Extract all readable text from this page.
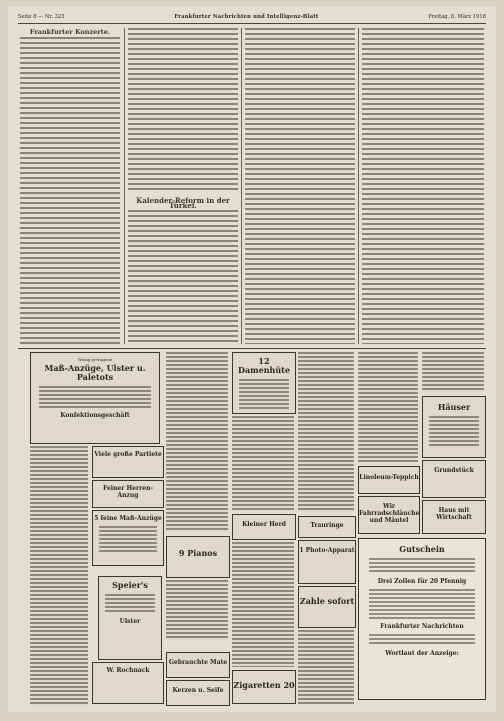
Seite 8 — Nr. 325	Frankfurter Nachrichten und Intelligenz-Blatt	Freitag, 8. März 1918
Frankfurter Konzerte.
Kalender-Reform in der Türkei.
Wenig getragene
Maß-Anzüge, Ulster u. Paletots
Konfektionsgeschäft
Viele große Partiete
Feiner Herren-Anzug
5 feine Maß-Anzüge
Speier's
Ulster
W. Rochnack
9 Pianos
Gebrauchte Mate
Kerzen u. Seife
12 Damenhüte
Kleiner Herd
Zigaretten 20
Trauringe
1 Photo-Apparat
Zahle sofort
Linoleum-Teppich
Wir Fahrradschläuche und Mäntel
Häuser
Grundstück
Haus mit Wirtschaft
Gutschein
Drei Zollen für 20 Pfennig
Frankfurter Nachrichten
Wortlaut der Anzeige:
